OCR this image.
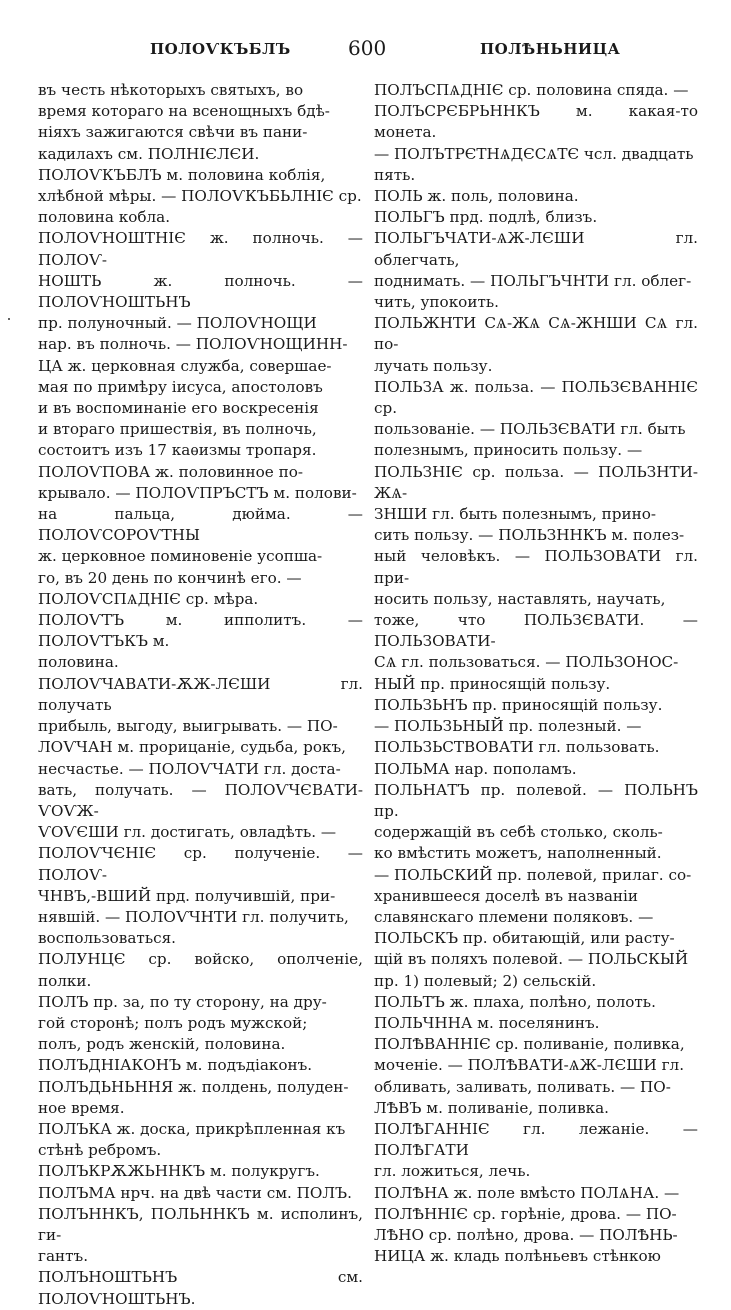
ПОЛОѴКЪБЛЪ	600	ПОЛѢНЬНИЦА
въ честь нѣкоторыхъ святыхъ, во
время котораго на всенощныхъ бдѣ-
ніяхъ зажигаются свѣчи въ пани-
кадилахъ см. ПОЛНІЄЛЄИ.
ПОЛОѴКЪБЛЪ м. половина коблія,
хлѣбной мѣры. — ПОЛОѴКЪБЬЛНІЄ ср.
половина кобла.
ПОЛОѴНОШТНІЄ ж. полночь. — ПОЛОѴ-
НОШТЬ ж. полночь. — ПОЛОѴНОШТЬНЪ
пр. полуночный. — ПОЛОѴНОЩИ
нар. въ полночь. — ПОЛОѴНОЩИНН-
ЦА ж. церковная служба, совершае-
мая по примѣру іисуса, апостоловъ
и въ воспоминаніе его воскресенія
и втораго пришествія, въ полночь,
состоитъ изъ 17 каѳизмы тропаря.
ПОЛОѴПОВА ж. половинное по-
крывало. — ПОЛОѴПРЪСТЪ м. полови-
на пальца, дюйма. — ПОЛОѴСОРОѴТНЫ
ж. церковное поминовеніе усопша-
го, въ 20 день по кончинѣ его. —
ПОЛОѴСПѦДНІЄ ср. мѣра.
ПОЛОѴТЪ м. ипполитъ. — ПОЛОѴТЪКЪ м.
половина.
ПОЛОѴЧАВАТИ-ѪЖ-ЛЄШИ гл. получать
прибыль, выгоду, выигрывать. — ПО-
ЛОѴЧАН м. прорицаніе, судьба, рокъ,
несчастье. — ПОЛОѴЧАТИ гл. доста-
вать, получать. — ПОЛОѴЧЄВАТИ-ѴОѴЖ-
ѴОѴЄШИ гл. достигать, овладѣть. —
ПОЛОѴЧЄНІЄ ср. полученіе. — ПОЛОѴ-
ЧНВЪ,-ВШИЙ прд. получившій, при-
нявшій. — ПОЛОѴЧНТИ гл. получить,
воспользоваться.
ПОЛУНЦЄ ср. войско, ополченіе, полки.
ПОЛЪ пр. за, по ту сторону, на дру-
гой сторонѣ; полъ родъ мужской;
полъ, родъ женскій, половина.
ПОЛЪДНІАКОНЪ м. подъдіаконъ.
ПОЛЪДЬНЬННЯ ж. полдень, полуден-
ное время.
ПОЛЪКА ж. доска, прикрѣпленная къ
стѣнѣ ребромъ.
ПОЛЪКРѪЖЬННКЪ м. полукругъ.
ПОЛЪМА нрч. на двѣ части см. ПОЛЪ.
ПОЛЪННКЪ, ПОЛЬННКЪ м. исполинъ, ги-
гантъ.
ПОЛЪНОШТЬНЪ см. ПОЛОѴНОШТЬНЪ.
ПОЛЪСПѦДНІЄ ср. половина спяда. —
ПОЛЪСРЄБРЬННКЪ м. какая-то монета.
— ПОЛЪТРЄТНѦДЄСѦТЄ чсл. двадцать
пять.
ПОЛЬ ж. поль, половина.
ПОЛЬГЪ прд. подлѣ, близъ.
ПОЛЬГЪЧАТИ-ѦЖ-ЛЄШИ гл. облегчать,
поднимать. — ПОЛЬГЪЧНТИ гл. облег-
чить, упокоить.
ПОЛЬЖНТИ СѦ-ЖѦ СѦ-ЖНШИ СѦ гл. по-
лучать пользу.
ПОЛЬЗА ж. польза. — ПОЛЬЗЄВАННІЄ ср.
пользованіе. — ПОЛЬЗЄВАТИ гл. быть
полезнымъ, приносить пользу. —
ПОЛЬЗНІЄ ср. польза. — ПОЛЬЗНТИ-ЖѦ-
ЗНШИ гл. быть полезнымъ, прино-
сить пользу. — ПОЛЬЗННКЪ м. полез-
ный человѣкъ. — ПОЛЬЗОВАТИ гл. при-
носить пользу, наставлять, научать,
тоже, что ПОЛЬЗЄВАТИ. — ПОЛЬЗОВАТИ-
СѦ гл. пользоваться. — ПОЛЬЗОНОС-
НЫЙ пр. приносящій пользу.
ПОЛЬЗЬНЪ пр. приносящій пользу.
— ПОЛЬЗЬНЫЙ пр. полезный. —
ПОЛЬЗЬСТВОВАТИ гл. пользовать.
ПОЛЬМА нар. пополамъ.
ПОЛЬНАТЪ пр. полевой. — ПОЛЬНЪ пр.
содержащій въ себѣ столько, сколь-
ко вмѣстить можетъ, наполненный.
— ПОЛЬСКИЙ пр. полевой, прилаг. со-
хранившееся доселѣ въ названіи
славянскаго племени поляковъ. —
ПОЛЬСКЪ пр. обитающій, или расту-
щій въ поляхъ полевой. — ПОЛЬСКЫЙ
пр. 1) полевый; 2) сельскій.
ПОЛЬТЪ ж. плаха, полѣно, полоть.
ПОЛЬЧННА м. поселянинъ.
ПОЛѢВАННІЄ ср. поливаніе, поливка,
моченіе. — ПОЛѢВАТИ-ѦЖ-ЛЄШИ гл.
обливать, заливать, поливать. — ПО-
ЛѢВЪ м. поливаніе, поливка.
ПОЛѢГАННІЄ гл. лежаніе. — ПОЛѢГАТИ
гл. ложиться, лечь.
ПОЛѢНА ж. поле вмѣсто ПОЛѦНА. —
ПОЛѢННІЄ ср. горѣніе, дрова. — ПО-
ЛѢНО ср. полѣно, дрова. — ПОЛѢНЬ-
НИЦА ж. кладь полѣньевъ стѣнкою
